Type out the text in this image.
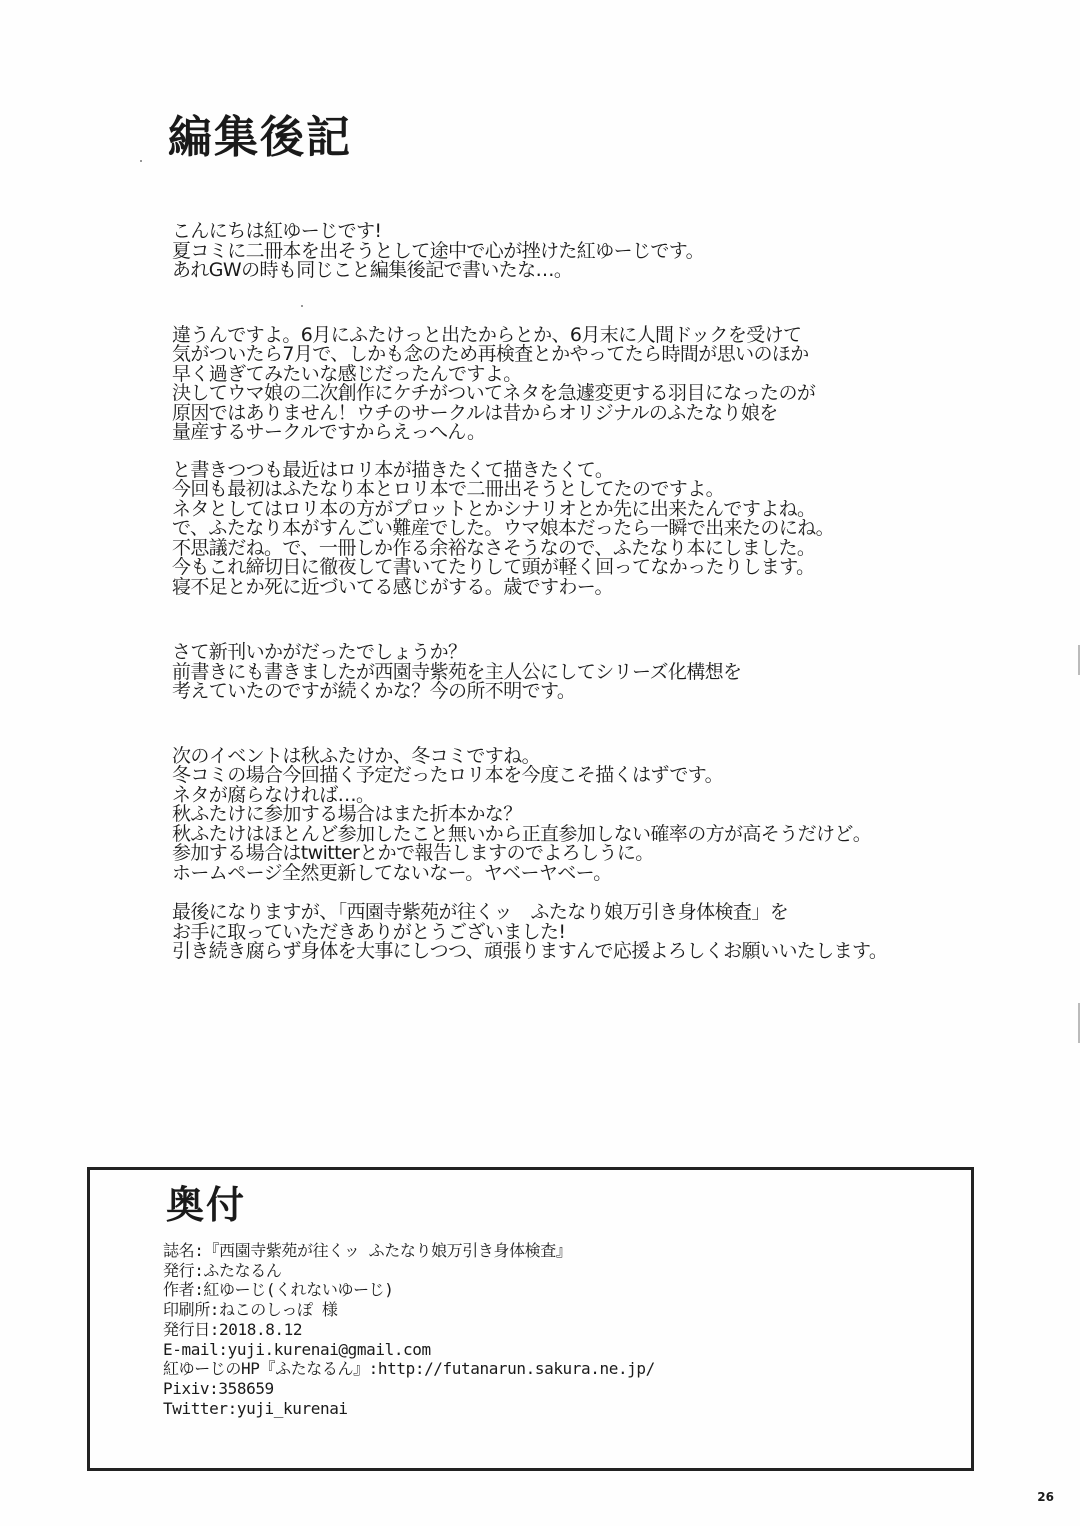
編集後記

こんにちは紅ゆーじです!
夏コミに二冊本を出そうとして途中で心が挫けた紅ゆーじです。
あれGWの時も同じこと編集後記で書いたな…。

違うんですよ。6月にふたけっと出たからとか、6月末に人間ドックを受けて
気がついたら7月で、しかも念のため再検査とかやってたら時間が思いのほか
早く過ぎてみたいな感じだったんですよ。
決してウマ娘の二次創作にケチがついてネタを急遽変更する羽目になったのが
原因ではありません！ウチのサークルは昔からオリジナルのふたなり娘を
量産するサークルですからえっへん。

と書きつつも最近はロリ本が描きたくて描きたくて。
今回も最初はふたなり本とロリ本で二冊出そうとしてたのですよ。
ネタとしてはロリ本の方がプロットとかシナリオとか先に出来たんですよね。
で、ふたなり本がすんごい難産でした。ウマ娘本だったら一瞬で出来たのにね。
不思議だね。で、一冊しか作る余裕なさそうなので、ふたなり本にしました。
今もこれ締切日に徹夜して書いてたりして頭が軽く回ってなかったりします。
寝不足とか死に近づいてる感じがする。歳ですわー。

さて新刊いかがだったでしょうか？
前書きにも書きましたが西園寺紫苑を主人公にしてシリーズ化構想を
考えていたのですが続くかな？今の所不明です。

次のイベントは秋ふたけか、冬コミですね。
冬コミの場合今回描く予定だったロリ本を今度こそ描くはずです。
ネタが腐らなければ…。
秋ふたけに参加する場合はまた折本かな？
秋ふたけはほとんど参加したこと無いから正直参加しない確率の方が高そうだけど。
参加する場合はtwitterとかで報告しますのでよろしうに。
ホームページ全然更新してないなー。ヤベーヤベー。

最後になりますが、「西園寺紫苑が往くッ　ふたなり娘万引き身体検査」を
お手に取っていただきありがとうございました!
引き続き腐らず身体を大事にしつつ、頑張りますんで応援よろしくお願いいたします。

奥付
誌名:『西園寺紫苑が往くッ ふたなり娘万引き身体検査』
発行:ふたなるん
作者:紅ゆーじ(くれないゆーじ)
印刷所:ねこのしっぽ 様
発行日:2018.8.12
E-mail:yuji.kurenai@gmail.com
紅ゆーじのHP『ふたなるん』:http://futanarun.sakura.ne.jp/
Pixiv:358659
Twitter:yuji_kurenai
26
